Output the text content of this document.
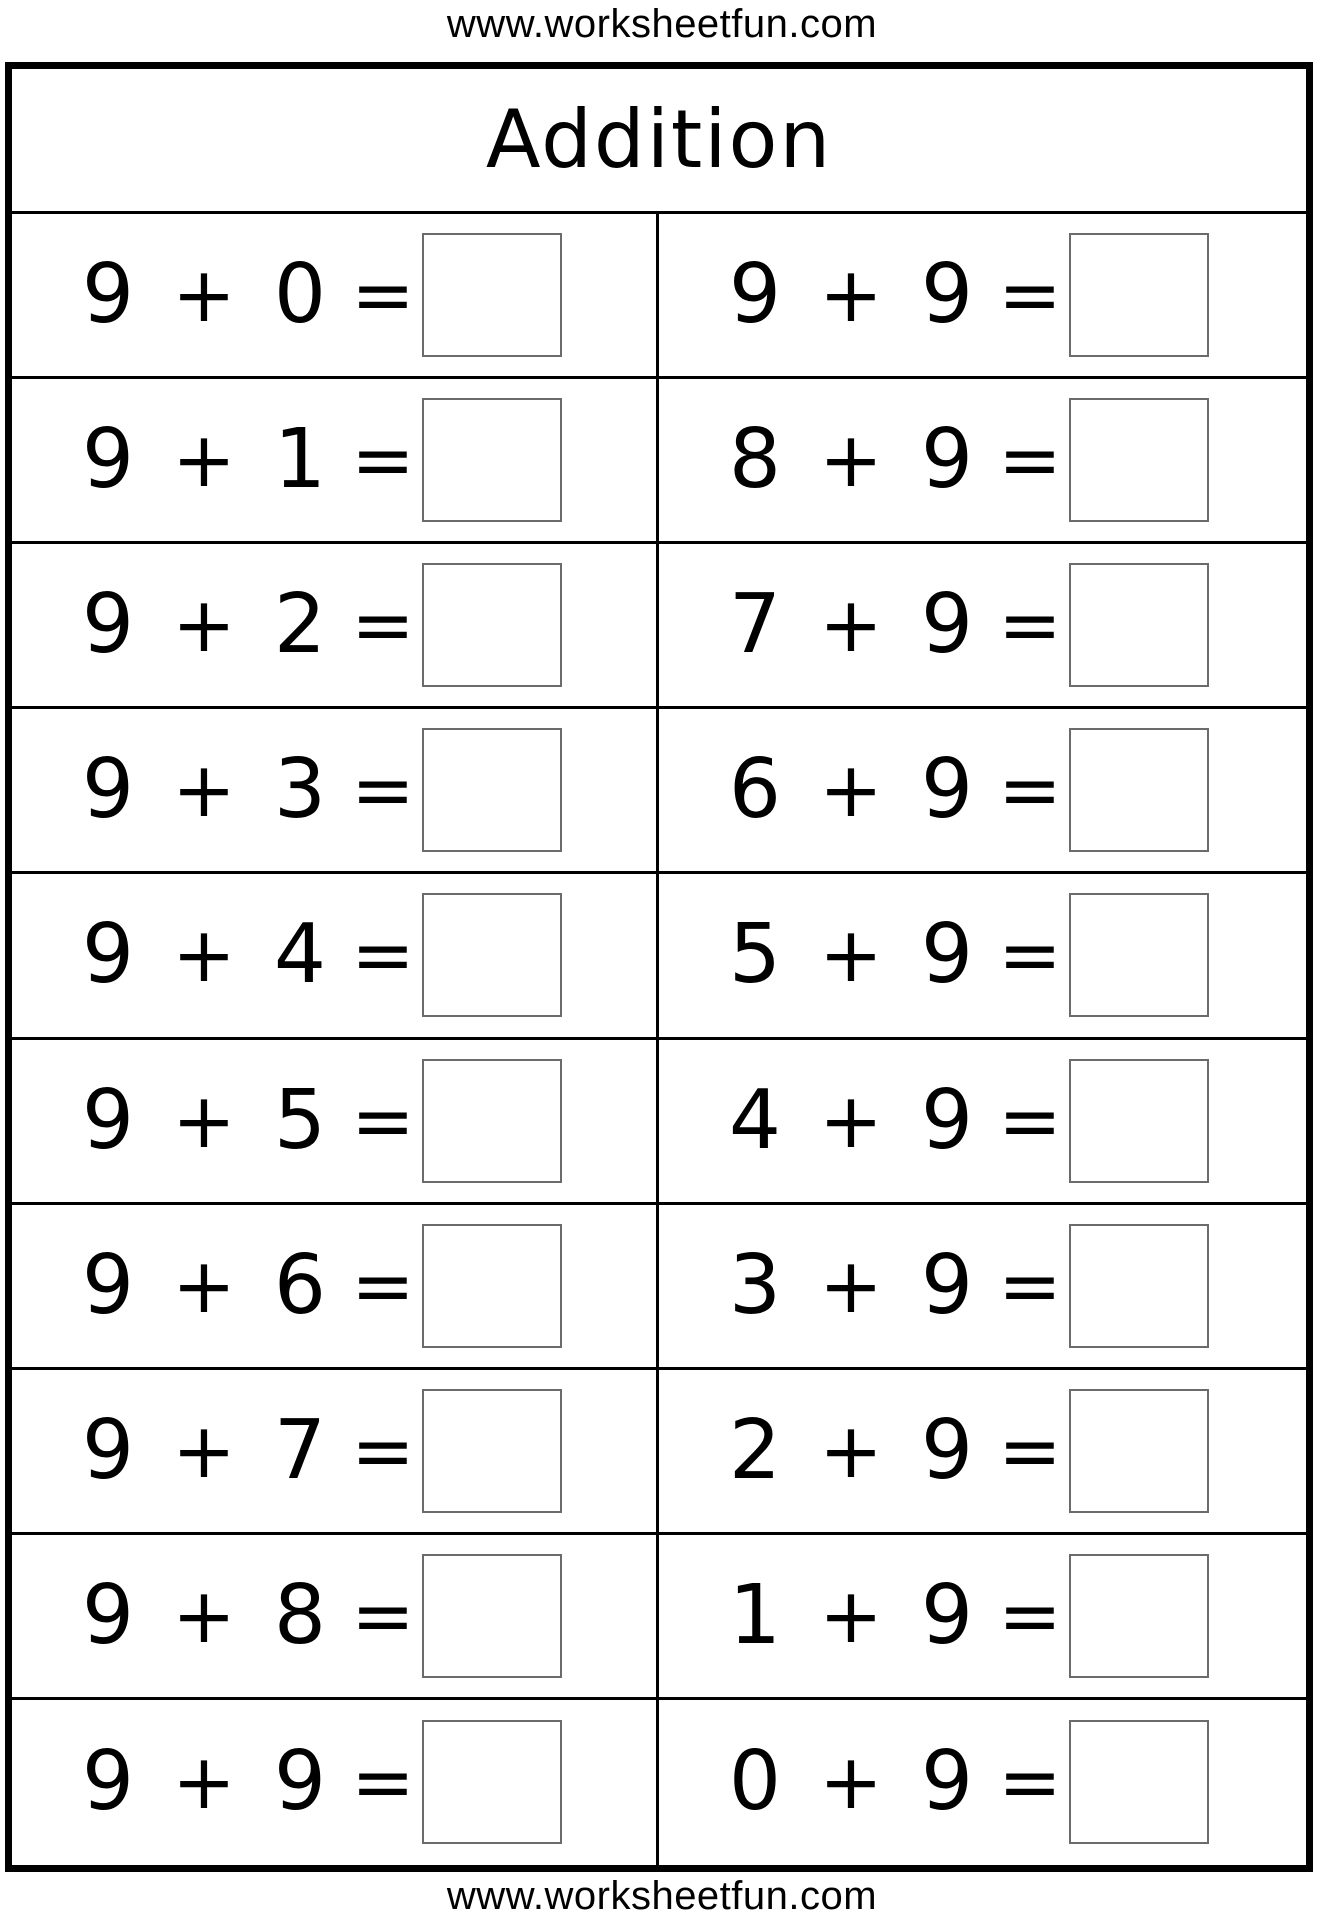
www.worksheetfun.com
Addition
9 + 0 =	9 + 9 =
9 + 1 =	8 + 9 =
9 + 2 =	7 + 9 =
9 + 3 =	6 + 9 =
9 + 4 =	5 + 9 =
9 + 5 =	4 + 9 =
9 + 6 =	3 + 9 =
9 + 7 =	2 + 9 =
9 + 8 =	1 + 9 =
9 + 9 =	0 + 9 =
www.worksheetfun.com
